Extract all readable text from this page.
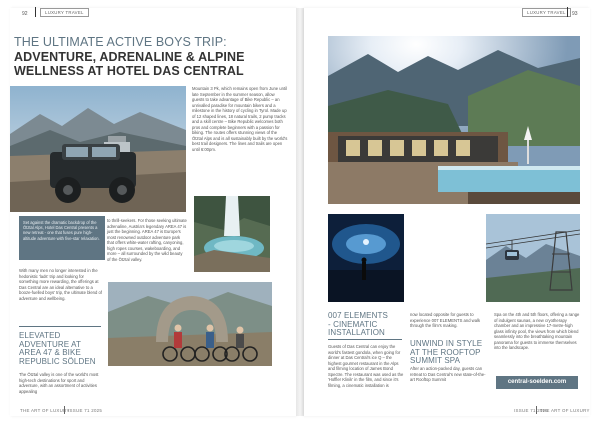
92	LUXURY TRAVEL
THE ULTIMATE ACTIVE BOYS TRIP:
ADVENTURE, ADRENALINE & ALPINE
WELLNESS AT HOTEL DAS CENTRAL
Mountain 3 Pk, which remains open from June until late September in the summer season, allow guests to take advantage of Bike Republic – an unrivalled paradise for mountain bikers and a milestone in the history of cycling in Tyrol. Made up of 12 shaped lines, 18 natural trails, 2 pump tracks and a skill centre – Bike Republic welcomes both pros and complete beginners with a passion for biking. The routes offers stunning views of the Ötztal Alps and is all sustainably built by the world's best trail designers. The lines and trails are open until 6:00pm.
Set against the dramatic backdrop of the Ötztal Alps, Hotel Das Central presents a new retreat - one that fuses pure high-altitude adventure with five-star relaxation.
With many men no longer interested in the hedonistic 'lads' trip and looking for something more rewarding, the offerings at Das Central are an ideal alternative to a booze-fuelled boys' trip, the ultimate blend of adventure and wellbeing.
ELEVATED
ADVENTURE AT
AREA 47 & BIKE
REPUBLIC SÖLDEN
The Ötztal valley is one of the world's most high-tech destinations for sport and adventure, with an assortment of activities appealing
to thrill-seekers. For those seeking ultimate adrenaline, Austria's legendary AREA 47 is just the beginning. AREA 47 is Europe's most renowned outdoor adventure park that offers white-water rafting, canyoning, high ropes courses, wakeboarding, and more – all surrounded by the wild beauty of the Ötztal valley.
THE ART OF LUXURY
ISSUE 71 2025
LUXURY TRAVEL	93
007 ELEMENTS
- CINEMATIC
INSTALLATION
Guests of Das Central can enjoy the world's fastest gondola, when going for dinner at Das Central's ice Q – the highest gourmet restaurant in the Alps and filming location of James Bond Spectre. The restaurant was used as the 'Hoffler Klinik' in the film, and since it's filming, a cinematic installation is
now located opposite for guests to experience 007 ELEMENTS and walk through the film's making.
UNWIND IN STYLE
AT THE ROOFTOP
SUMMIT SPA
After an action-packed day, guests can retreat to Das Central's new state-of-the-art Rooftop Summit
Spa on the 4th and 5th floors, offering a range of indulgent saunas, a new cryotherapy chamber and an impressive 17-metre-high glass infinity pool, the views from which blend seamlessly into the breathtaking mountain panorama for guests to immerse themselves into the landscape.
central-soelden.com
ISSUE 71 2025
THE ART OF LUXURY
